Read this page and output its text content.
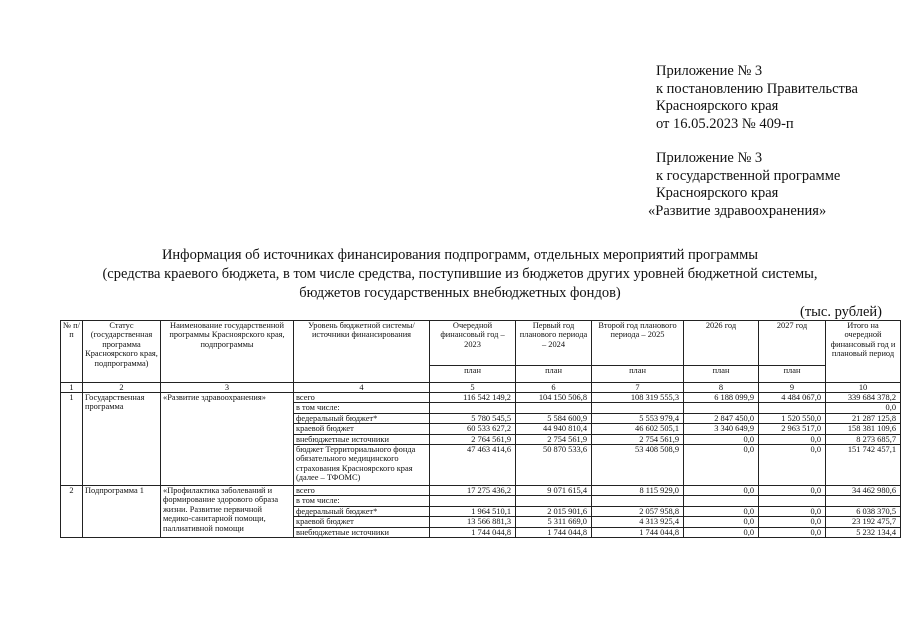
Приложение № 3
к постановлению Правительства
Красноярского края
от 16.05.2023 № 409-п
Приложение № 3
к государственной программе
Красноярского края
«Развитие здравоохранения»
Информация об источниках финансирования подпрограмм, отдельных мероприятий программы
(средства краевого бюджета, в том числе средства, поступившие из бюджетов других уровней бюджетной системы,
бюджетов государственных внебюджетных фондов)
(тыс. рублей)
№ п/п	Статус (государственная программа Красноярского края, подпрограмма)	Наименование государственной программы Красноярского края, подпрограммы	Уровень бюджетной системы/источники финансирования	Очередной финансовый год – 2023	Первый год планового периода – 2024	Второй год планового периода – 2025	2026 год	2027 год	Итого на очередной финансовый год и плановый период
				план	план	план	план	план	
1	2	3	4	5	6	7	8	9	10
1	Государственная программа	«Развитие здравоохранения»	всего	116 542 149,2	104 150 506,8	108 319 555,3	6 188 099,9	4 484 067,0	339 684 378,2
			в том числе:						0,0
			федеральный бюджет*	5 780 545,5	5 584 600,9	5 553 979,4	2 847 450,0	1 520 550,0	21 287 125,8
			краевой бюджет	60 533 627,2	44 940 810,4	46 602 505,1	3 340 649,9	2 963 517,0	158 381 109,6
			внебюджетные источники	2 764 561,9	2 754 561,9	2 754 561,9	0,0	0,0	8 273 685,7
			бюджет Территориального фонда обязательного медицинского страхования Красноярского края (далее – ТФОМС)	47 463 414,6	50 870 533,6	53 408 508,9	0,0	0,0	151 742 457,1
2	Подпрограмма 1	«Профилактика заболеваний и формирование здорового образа жизни. Развитие первичной медико-санитарной помощи, паллиативной помощи	всего	17 275 436,2	9 071 615,4	8 115 929,0	0,0	0,0	34 462 980,6
			в том числе:						
			федеральный бюджет*	1 964 510,1	2 015 901,6	2 057 958,8	0,0	0,0	6 038 370,5
			краевой бюджет	13 566 881,3	5 311 669,0	4 313 925,4	0,0	0,0	23 192 475,7
			внебюджетные источники	1 744 044,8	1 744 044,8	1 744 044,8	0,0	0,0	5 232 134,4
